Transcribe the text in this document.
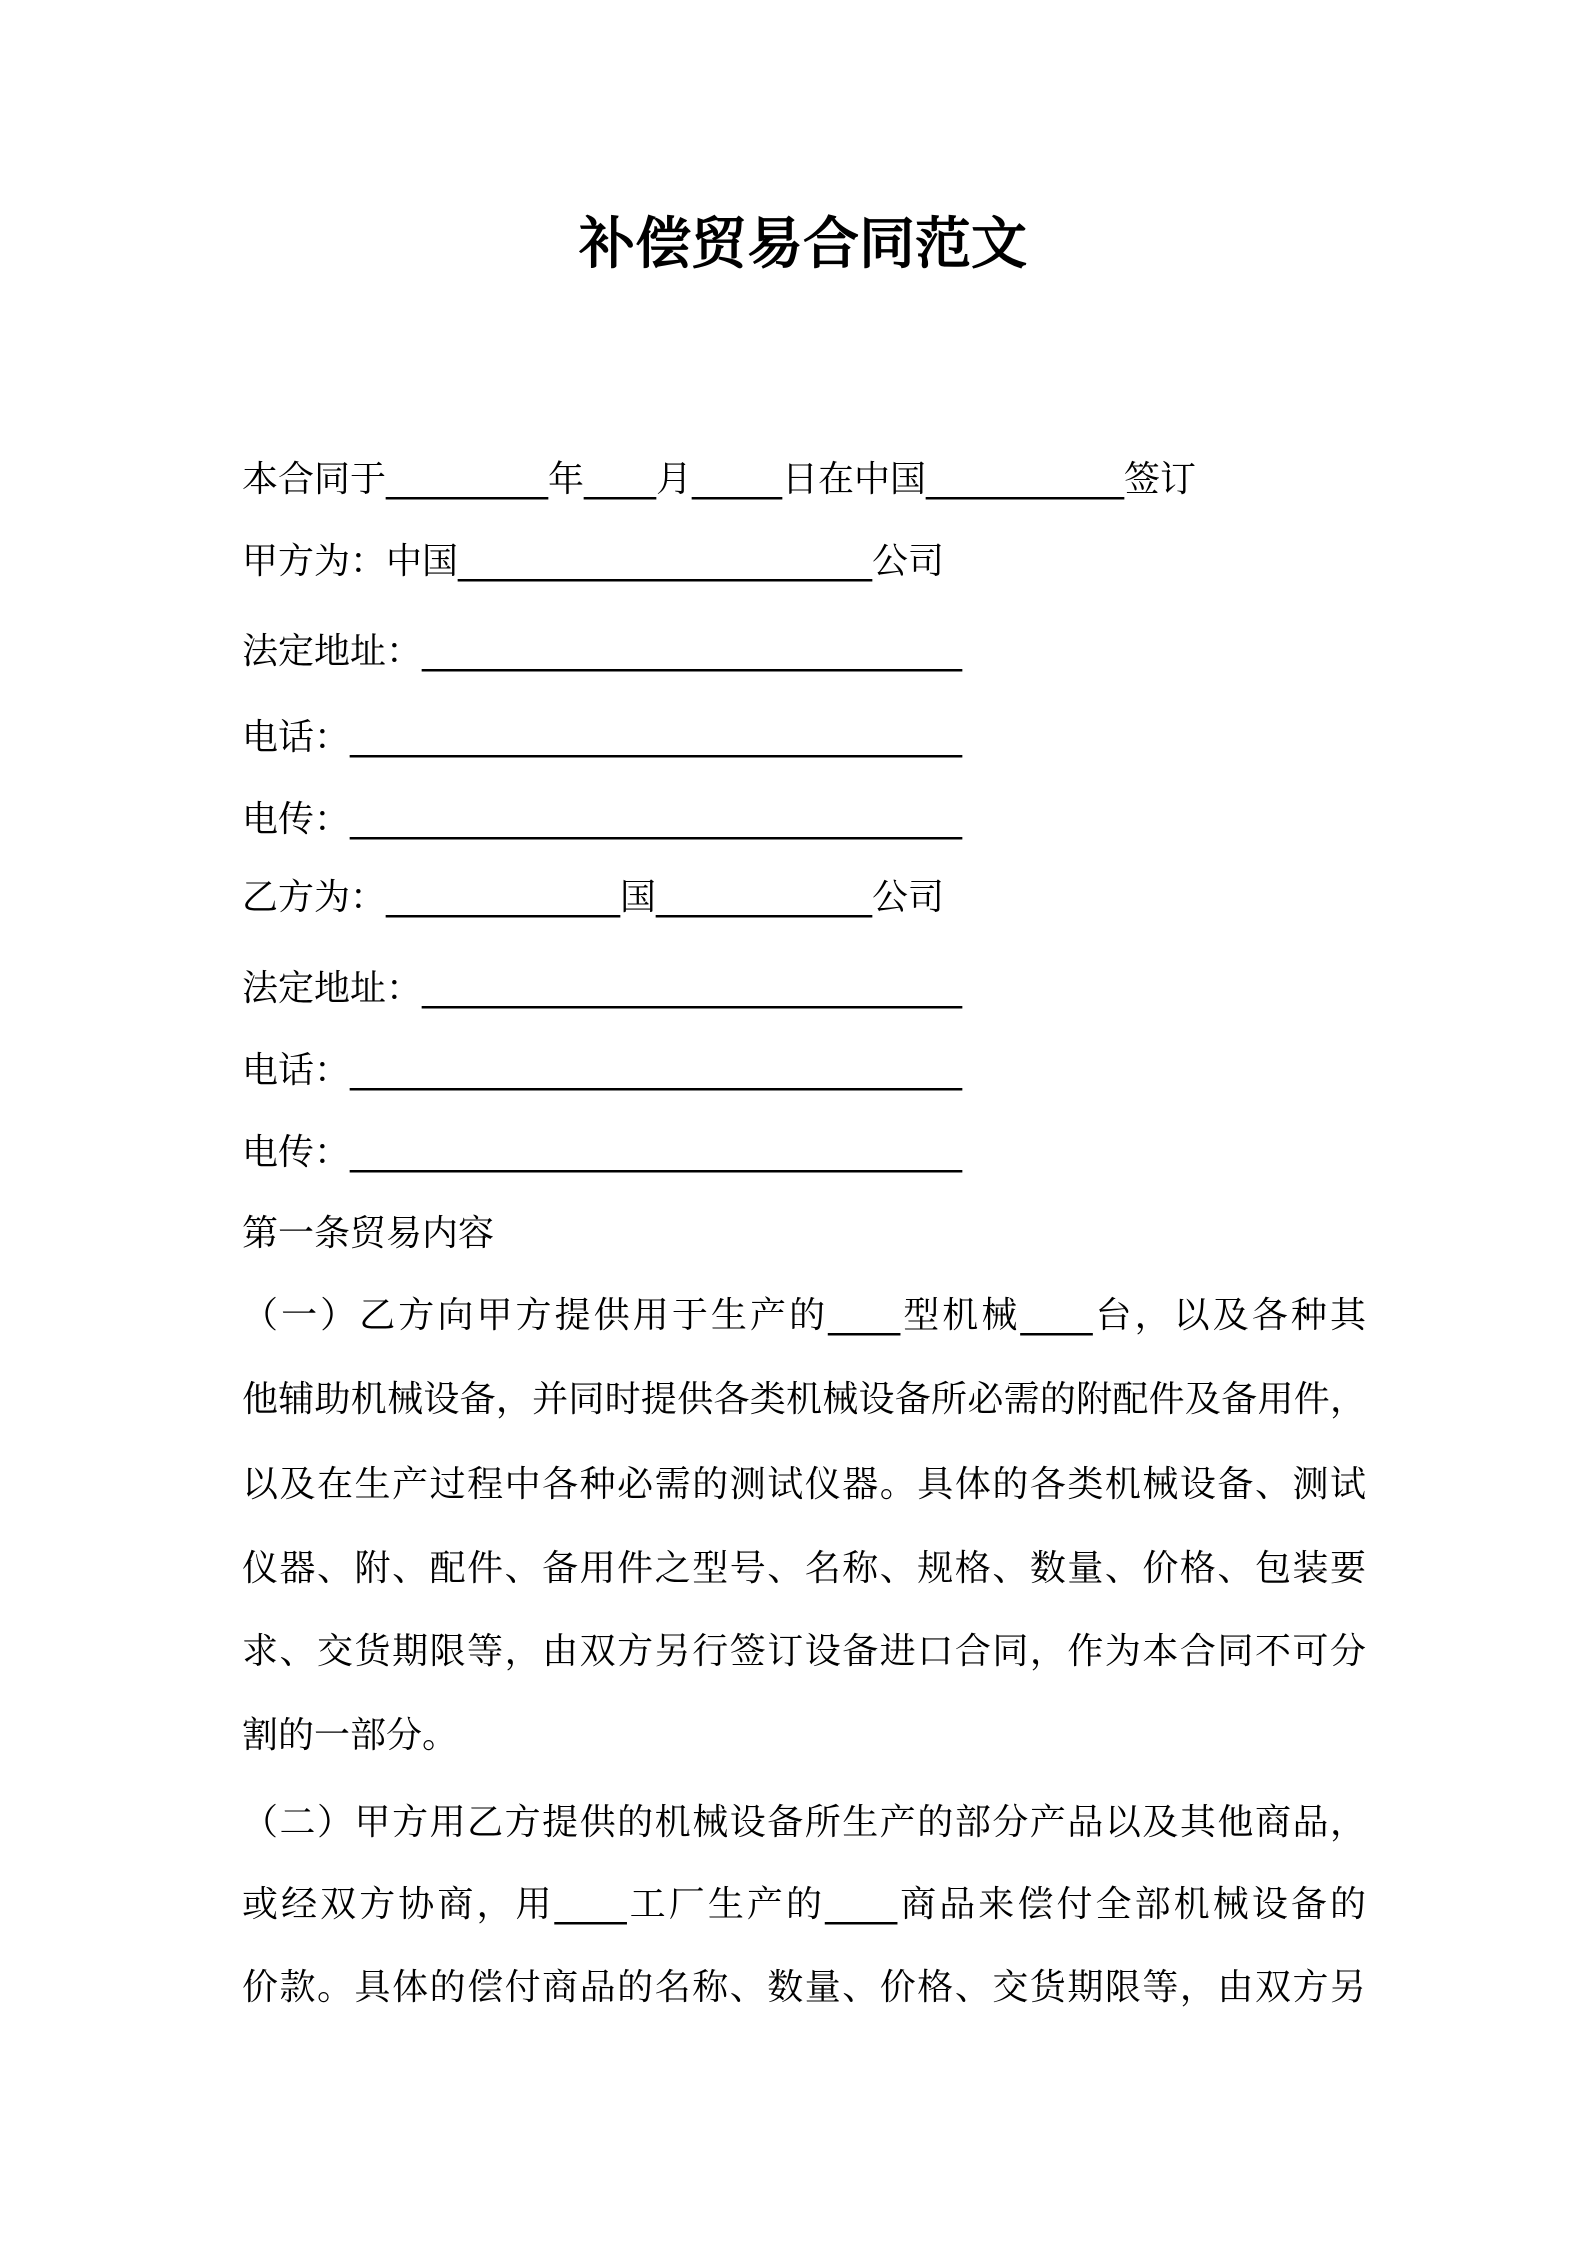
补偿贸易合同范文
本合同于_________年____月_____日在中国___________签订
甲方为：中国_______________________公司
法定地址：______________________________
电话：__________________________________
电传：__________________________________
乙方为：_____________国____________公司
法定地址：______________________________
电话：__________________________________
电传：__________________________________
第一条贸易内容
（一）乙方向甲方提供用于生产的____型机械____台，以及各种其
他辅助机械设备，并同时提供各类机械设备所必需的附配件及备用件，
以及在生产过程中各种必需的测试仪器。具体的各类机械设备、测试
仪器、附、配件、备用件之型号、名称、规格、数量、价格、包装要
求、交货期限等，由双方另行签订设备进口合同，作为本合同不可分
割的一部分。
（二）甲方用乙方提供的机械设备所生产的部分产品以及其他商品，
或经双方协商，用____工厂生产的____商品来偿付全部机械设备的
价款。具体的偿付商品的名称、数量、价格、交货期限等，由双方另
